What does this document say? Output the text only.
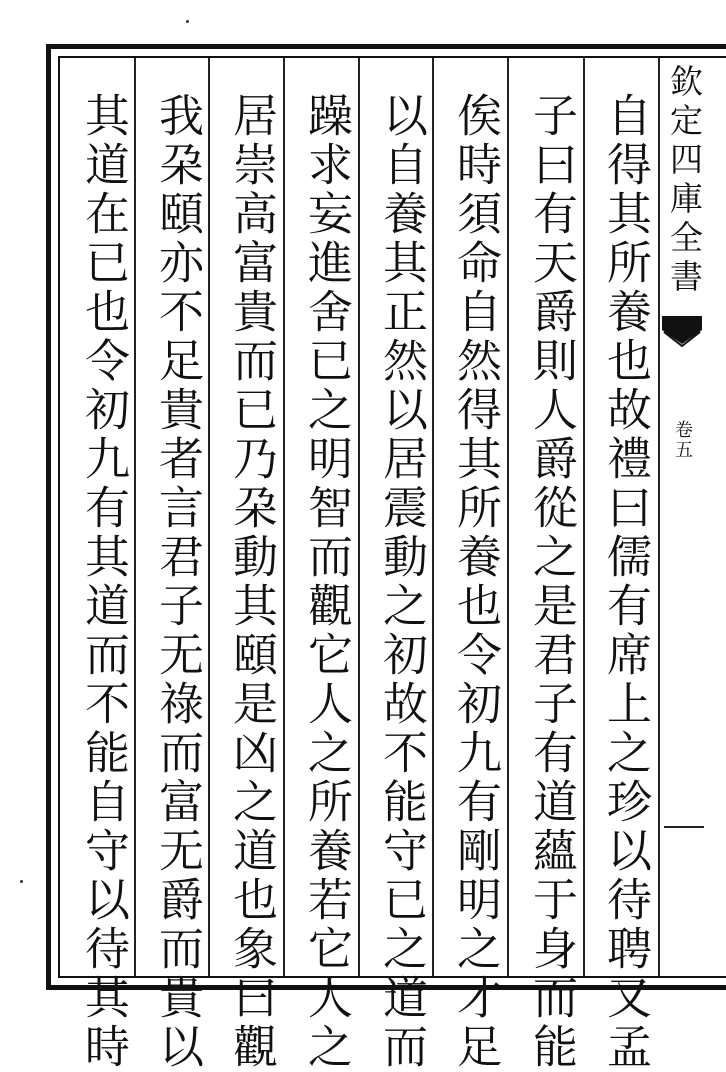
自得其所養也故禮曰儒有席上之珍以待聘又孟
子曰有天爵則人爵從之是君子有道蘊于身而能
俟時須命自然得其所養也令初九有剛明之才足
以自養其正然以居震動之初故不能守已之道而
躁求妄進舍已之明智而觀它人之所養若它人之
居崇高富貴而已乃朶動其頤是凶之道也象曰觀
我朶頤亦不足貴者言君子无祿而富无爵而貴以
其道在已也令初九有其道而不能自守以待其時	欽定四庫全書
卷五
